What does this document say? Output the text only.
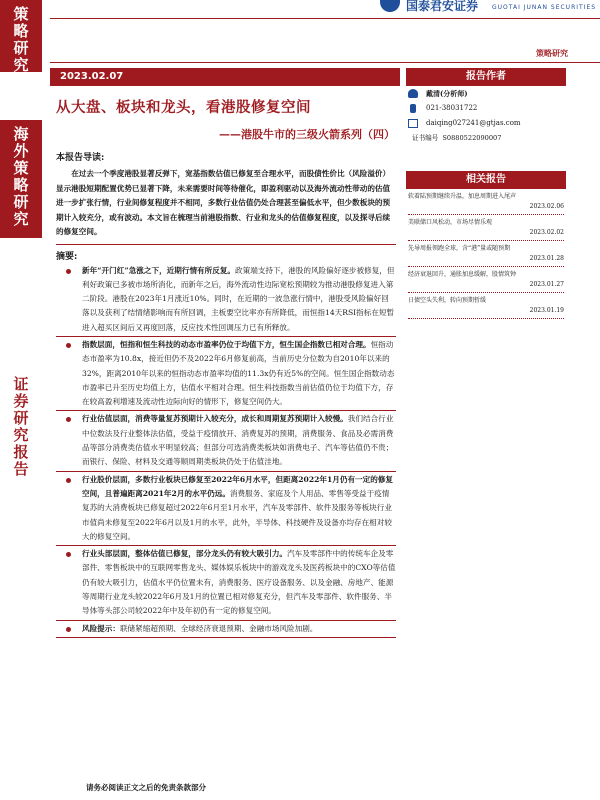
策略研究
海外策略研究
证券研究报告
国泰君安证券 GUOTAI JUNAN SECURITIES
策略研究
2023.02.07
从大盘、板块和龙头，看港股修复空间
——港股牛市的三级火箭系列（四）
本报告导读:

在过去一个季度港股显著反弹下，宽基指数估值已修复至合理水平，而股债性价比（风险溢价）显示港股短期配置优势已显著下降，未来需要时间等待催化，即盈利驱动以及海外流动性带动的估值进一步扩张行情，行业间修复程度并不相同，多数行业估值仍处合理甚至偏低水平，但少数板块的预期计入较充分，或有波动。本文旨在梳理当前港股指数、行业和龙头的估值修复程度，以及探寻后续的修复空间。

摘要:
新年“开门红”急涨之下，近期行情有所反复。政策端支持下，港股的风险偏好逐步被修复，但利好政策已多被市场所消化，而新年之后，海外流动性边际宽松预期较为推动港股修复进入第二阶段。港股在2023年1月涨近10%。同时，在近期的一波急涨行情中，港股受风险偏好回落以及获利了结情绪影响而有所回调，主板要空比率亦有所降低，而恒指14天RSI指标在短暂进入超买区间后又再度回落，反应技术性回调压力已有所释放。
指数层面，恒指和恒生科技的动态市盈率仍位于均值下方，恒生国企指数已相对合理。恒指动态市盈率为10.8x，接近但仍不及2022年6月修复前高，当前历史分位数为自2010年以来的32%，距离2010年以来的恒指动态市盈率均值的11.3x仍有近5%的空间。恒生国企指数动态市盈率已升至历史均值上方，估值水平相对合理。恒生科技指数当前估值仍位于均值下方，存在较高盈利增速及流动性边际向好的情形下，修复空间仍大。
行业估值层面，消费等量复苏预期计入较充分，成长和周期复苏预期计入较慢。我们结合行业中位数法及行业整体法估值，受益于疫情放开、消费复苏的预期，消费服务、食品及必需消费品等部分消费类估值水平明显较高；但部分可选消费类板块如消费电子、汽车等估值仍不贵；而银行、保险、材料及交通等顺周期类板块仍处于估值洼地。
行业股价层面，多数行业板块已修复至2022年6月水平，但距离2022年1月仍有一定的修复空间，且普遍距离2021年2月的水平仍远。消费服务、家庭及个人用品、零售等受益于疫情复苏的大消费板块已修复超过2022年6月至1月水平，汽车及零部件、软件及服务等板块行业市值尚未修复至2022年6月以及1月的水平，此外，半导体、科技硬件及设备亦均存在相对较大的修复空间。
行业头部层面，整体估值已修复，部分龙头仍有较大吸引力。汽车及零部件中的传统车企及零部件、零售板块中的互联网零售龙头、媒体娱乐板块中的游戏龙头及医药板块中的CXO等估值仍有较大吸引力，估值水平仍位置未有，消费服务、医疗设备服务、以及金融、房地产、能源等周期行业龙头较2022年6月及1月的位置已相对修复充分，但汽车及零部件、软件服务、半导体等头部公司较2022年中及年初仍有一定的修复空间。
风险提示：联储紧缩超预期、全球经济衰退预期、金融市场风险加剧。
报告作者
戴清(分析师)
021-38031722
daiqing027241@gtjas.com
证书编号 S0880522090007
相关报告
软着陆预期继续升温，加息周期进入尾声
2023.02.06
美联储口风松动，市场尽情乐观
2023.02.02
先导周报领跑全球，含“港”量或随预期
2023.01.28
经济衰退回升，通胀加息缓解，股情筑钟
2023.01.27
日债空头失利，转向预期暂缓
2023.01.19
请务必阅读正文之后的免责条款部分
